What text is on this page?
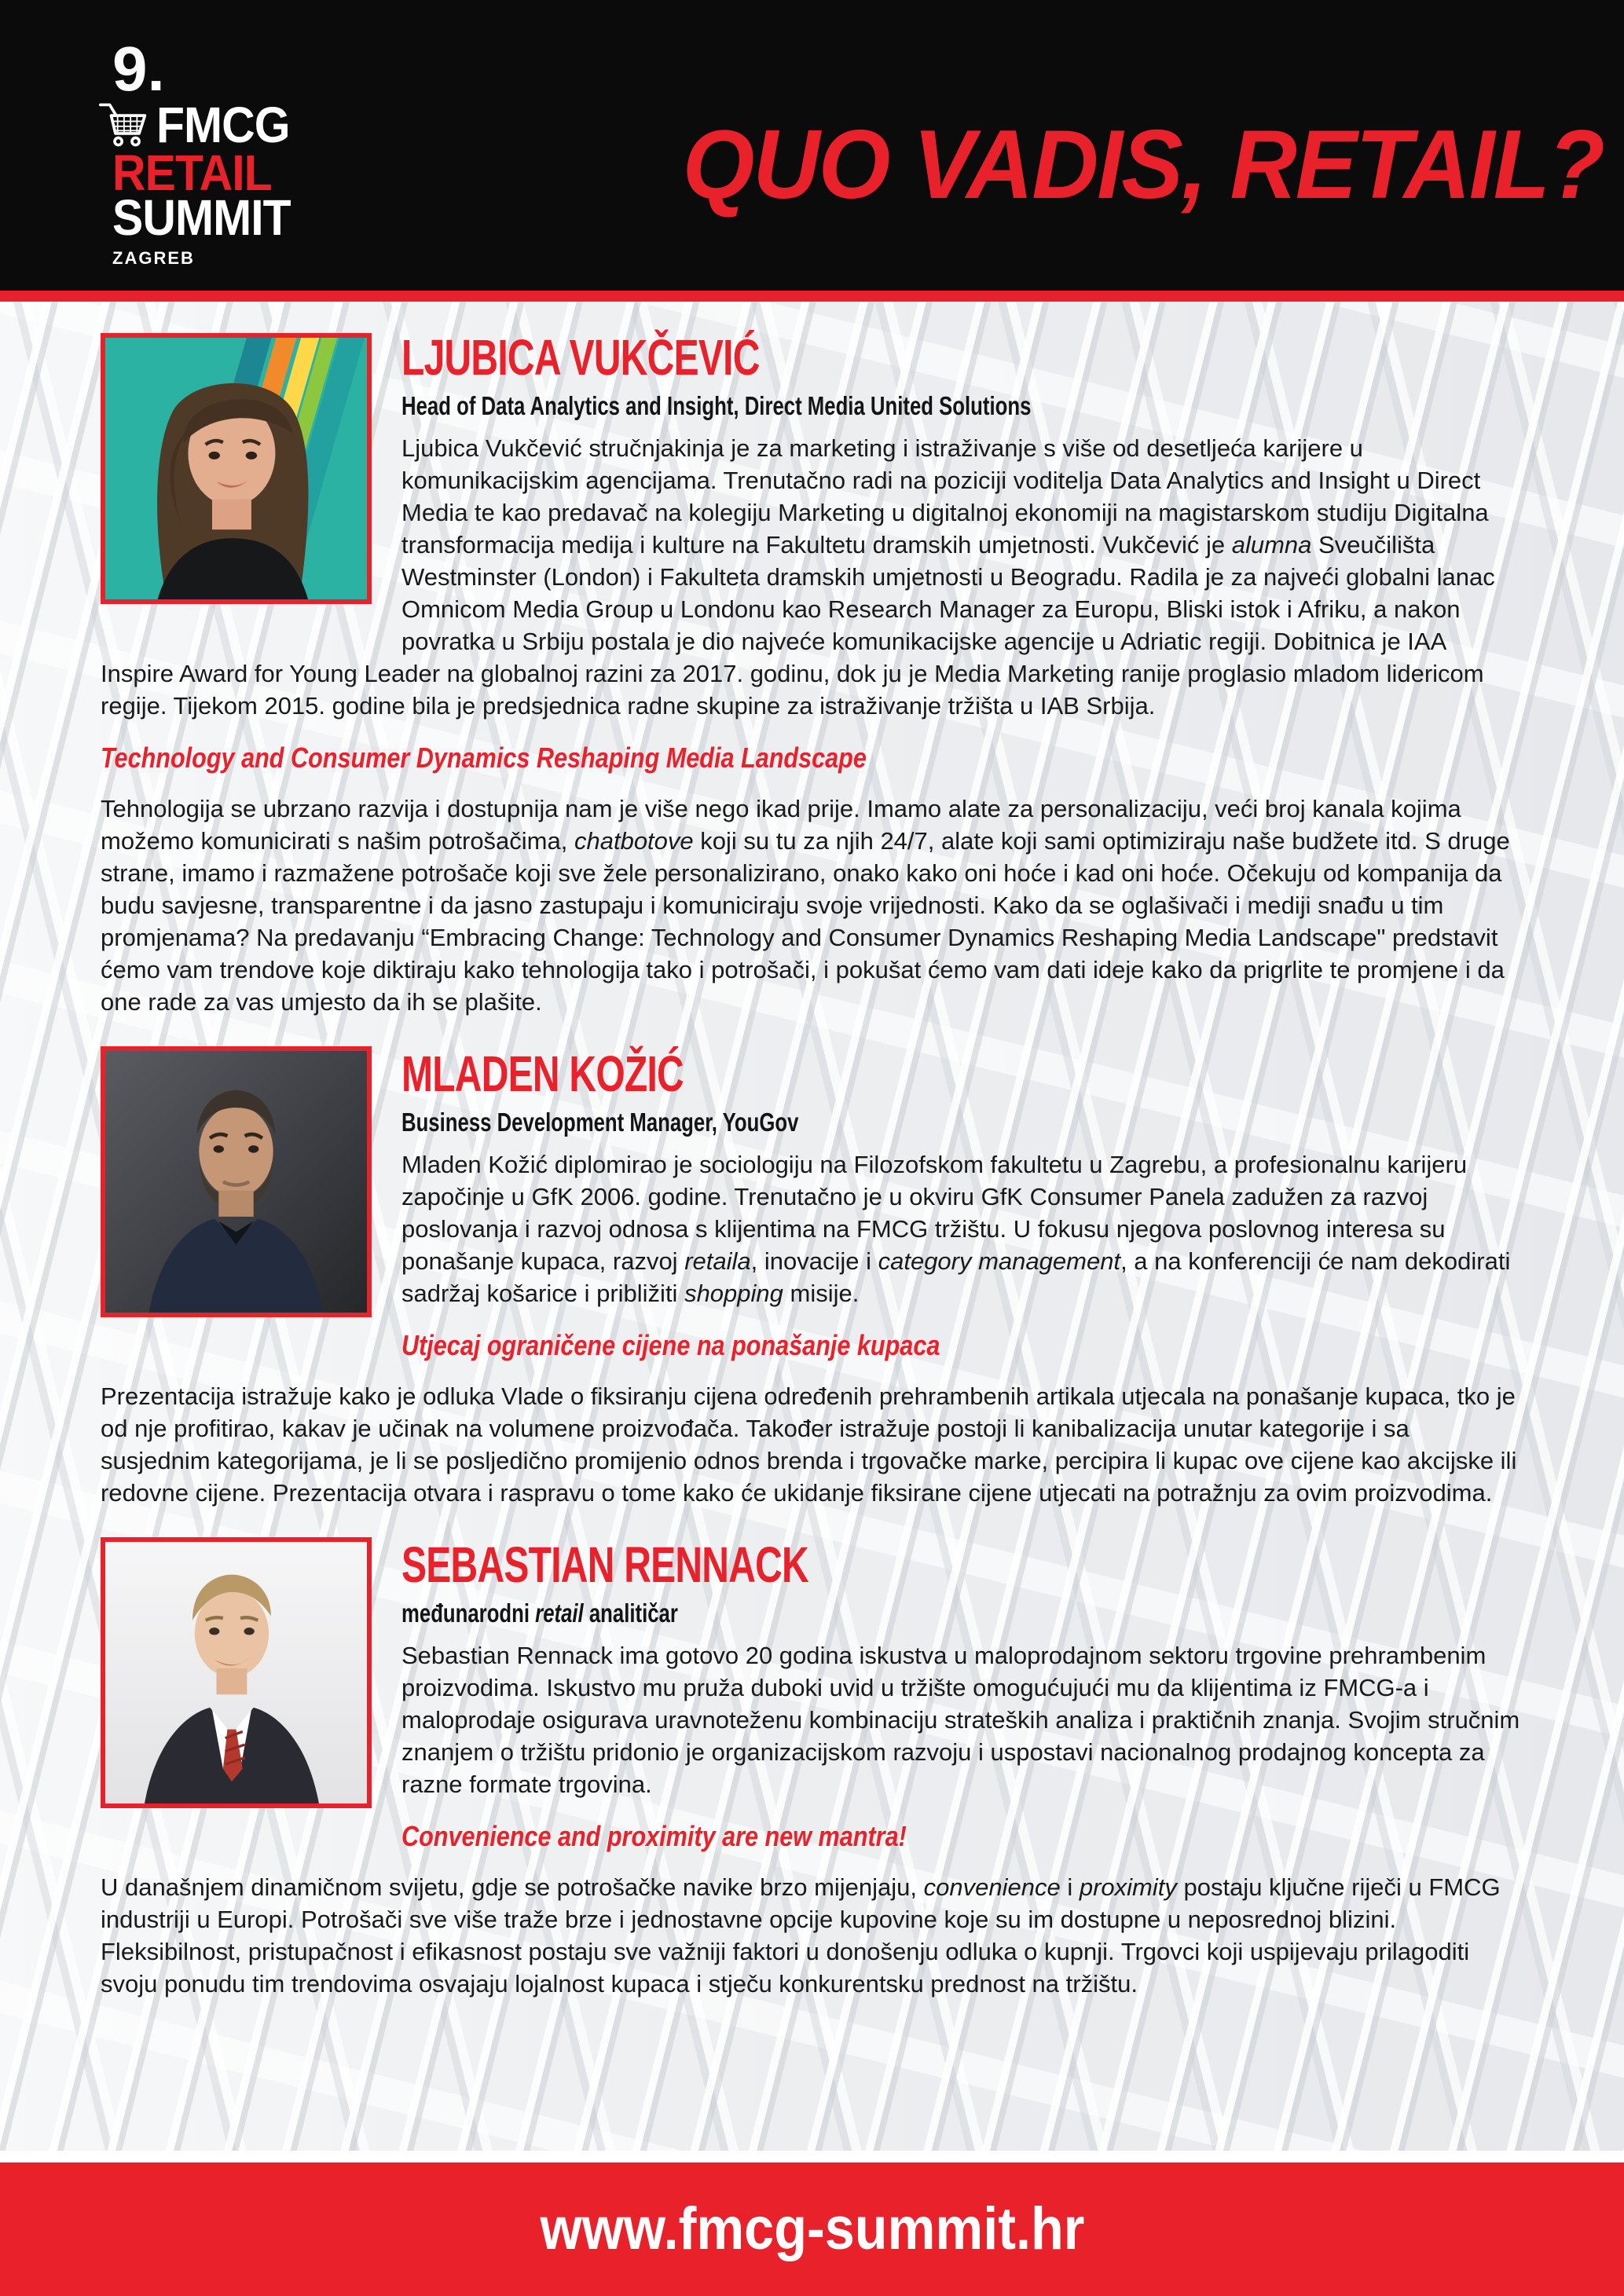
9.
FMCG
RETAIL
SUMMIT
ZAGREB
QUO VADIS, RETAIL?
LJUBICA VUKČEVIĆ
Head of Data Analytics and Insight, Direct Media United Solutions

Ljubica Vukčević stručnjakinja je za marketing i istraživanje s više od desetljeća karijere u komunikacijskim agencijama. Trenutačno radi na poziciji voditelja Data Analytics and Insight u Direct Media te kao predavač na kolegiju Marketing u digitalnoj ekonomiji na magistarskom studiju Digitalna transformacija medija i kulture na Fakultetu dramskih umjetnosti. Vukčević je alumna Sveučilišta Westminster (London) i Fakulteta dramskih umjetnosti u Beogradu. Radila je za najveći globalni lanac Omnicom Media Group u Londonu kao Research Manager za Europu, Bliski istok i Afriku, a nakon povratka u Srbiju postala je dio najveće komunikacijske agencije u Adriatic regiji. Dobitnica je IAA Inspire Award for Young Leader na globalnoj razini za 2017. godinu, dok ju je Media Marketing ranije proglasio mladom lidericom regije. Tijekom 2015. godine bila je predsjednica radne skupine za istraživanje tržišta u IAB Srbija.

Technology and Consumer Dynamics Reshaping Media Landscape

Tehnologija se ubrzano razvija i dostupnija nam je više nego ikad prije. Imamo alate za personalizaciju, veći broj kanala kojima možemo komunicirati s našim potrošačima, chatbotove koji su tu za njih 24/7, alate koji sami optimiziraju naše budžete itd. S druge strane, imamo i razmažene potrošače koji sve žele personalizirano, onako kako oni hoće i kad oni hoće. Očekuju od kompanija da budu savjesne, transparentne i da jasno zastupaju i komuniciraju svoje vrijednosti. Kako da se oglašivači i mediji snađu u tim promjenama? Na predavanju “Embracing Change: Technology and Consumer Dynamics Reshaping Media Landscape" predstavit ćemo vam trendove koje diktiraju kako tehnologija tako i potrošači, i pokušat ćemo vam dati ideje kako da prigrlite te promjene i da one rade za vas umjesto da ih se plašite.

MLADEN KOŽIĆ
Business Development Manager, YouGov

Mladen Kožić diplomirao je sociologiju na Filozofskom fakultetu u Zagrebu, a profesionalnu karijeru započinje u GfK 2006. godine. Trenutačno je u okviru GfK Consumer Panela zadužen za razvoj poslovanja i razvoj odnosa s klijentima na FMCG tržištu. U fokusu njegova poslovnog interesa su ponašanje kupaca, razvoj retaila, inovacije i category management, a na konferenciji će nam dekodirati sadržaj košarice i približiti shopping misije.

Utjecaj ograničene cijene na ponašanje kupaca

Prezentacija istražuje kako je odluka Vlade o fiksiranju cijena određenih prehrambenih artikala utjecala na ponašanje kupaca, tko je od nje profitirao, kakav je učinak na volumene proizvođača. Također istražuje postoji li kanibalizacija unutar kategorije i sa susjednim kategorijama, je li se posljedično promijenio odnos brenda i trgovačke marke, percipira li kupac ove cijene kao akcijske ili redovne cijene. Prezentacija otvara i raspravu o tome kako će ukidanje fiksirane cijene utjecati na potražnju za ovim proizvodima.

SEBASTIAN RENNACK
međunarodni retail analitičar

Sebastian Rennack ima gotovo 20 godina iskustva u maloprodajnom sektoru trgovine prehrambenim proizvodima. Iskustvo mu pruža duboki uvid u tržište omogućujući mu da klijentima iz FMCG-a i maloprodaje osigurava uravnoteženu kombinaciju strateških analiza i praktičnih znanja. Svojim stručnim znanjem o tržištu pridonio je organizacijskom razvoju i uspostavi nacionalnog prodajnog koncepta za razne formate trgovina.

Convenience and proximity are new mantra!

U današnjem dinamičnom svijetu, gdje se potrošačke navike brzo mijenjaju, convenience i proximity postaju ključne riječi u FMCG industriji u Europi. Potrošači sve više traže brze i jednostavne opcije kupovine koje su im dostupne u neposrednoj blizini. Fleksibilnost, pristupačnost i efikasnost postaju sve važniji faktori u donošenju odluka o kupnji. Trgovci koji uspijevaju prilagoditi svoju ponudu tim trendovima osvajaju lojalnost kupaca i stječu konkurentsku prednost na tržištu.

www.fmcg-summit.hr
